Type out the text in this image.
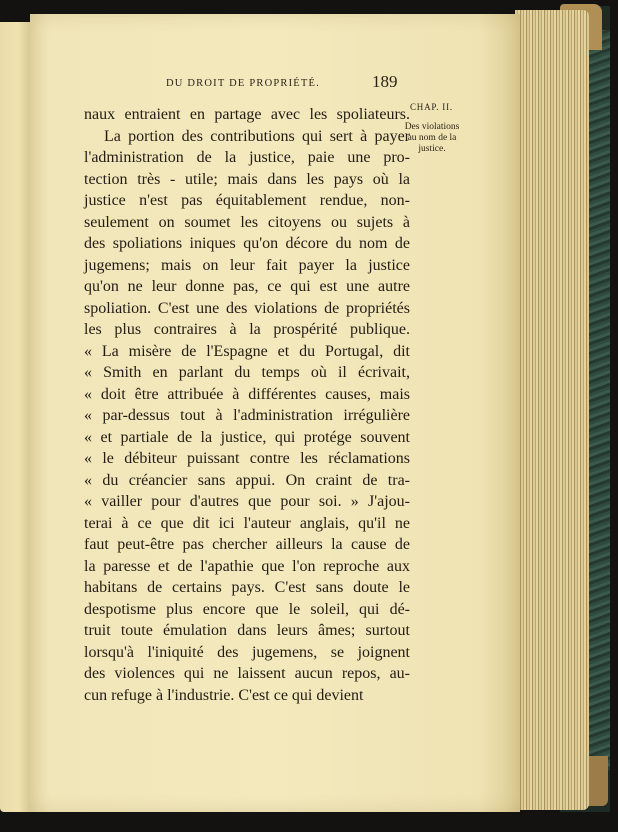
DU DROIT DE PROPRIÉTÉ.	189
CHAP. II.
Des violations
au nom de la
justice.
naux entraient en partage avec les spoliateurs.
La portion des contributions qui sert à payer
l'administration de la justice, paie une pro-
tection très - utile; mais dans les pays où la
justice n'est pas équitablement rendue, non-
seulement on soumet les citoyens ou sujets à
des spoliations iniques qu'on décore du nom de
jugemens; mais on leur fait payer la justice
qu'on ne leur donne pas, ce qui est une autre
spoliation. C'est une des violations de propriétés
les plus contraires à la prospérité publique.
« La misère de l'Espagne et du Portugal, dit
« Smith en parlant du temps où il écrivait,
« doit être attribuée à différentes causes, mais
« par-dessus tout à l'administration irrégulière
« et partiale de la justice, qui protége souvent
« le débiteur puissant contre les réclamations
« du créancier sans appui. On craint de tra-
« vailler pour d'autres que pour soi. » J'ajou-
terai à ce que dit ici l'auteur anglais, qu'il ne
faut peut-être pas chercher ailleurs la cause de
la paresse et de l'apathie que l'on reproche aux
habitans de certains pays. C'est sans doute le
despotisme plus encore que le soleil, qui dé-
truit toute émulation dans leurs âmes; surtout
lorsqu'à l'iniquité des jugemens, se joignent
des violences qui ne laissent aucun repos, au-
cun refuge à l'industrie. C'est ce qui devient
